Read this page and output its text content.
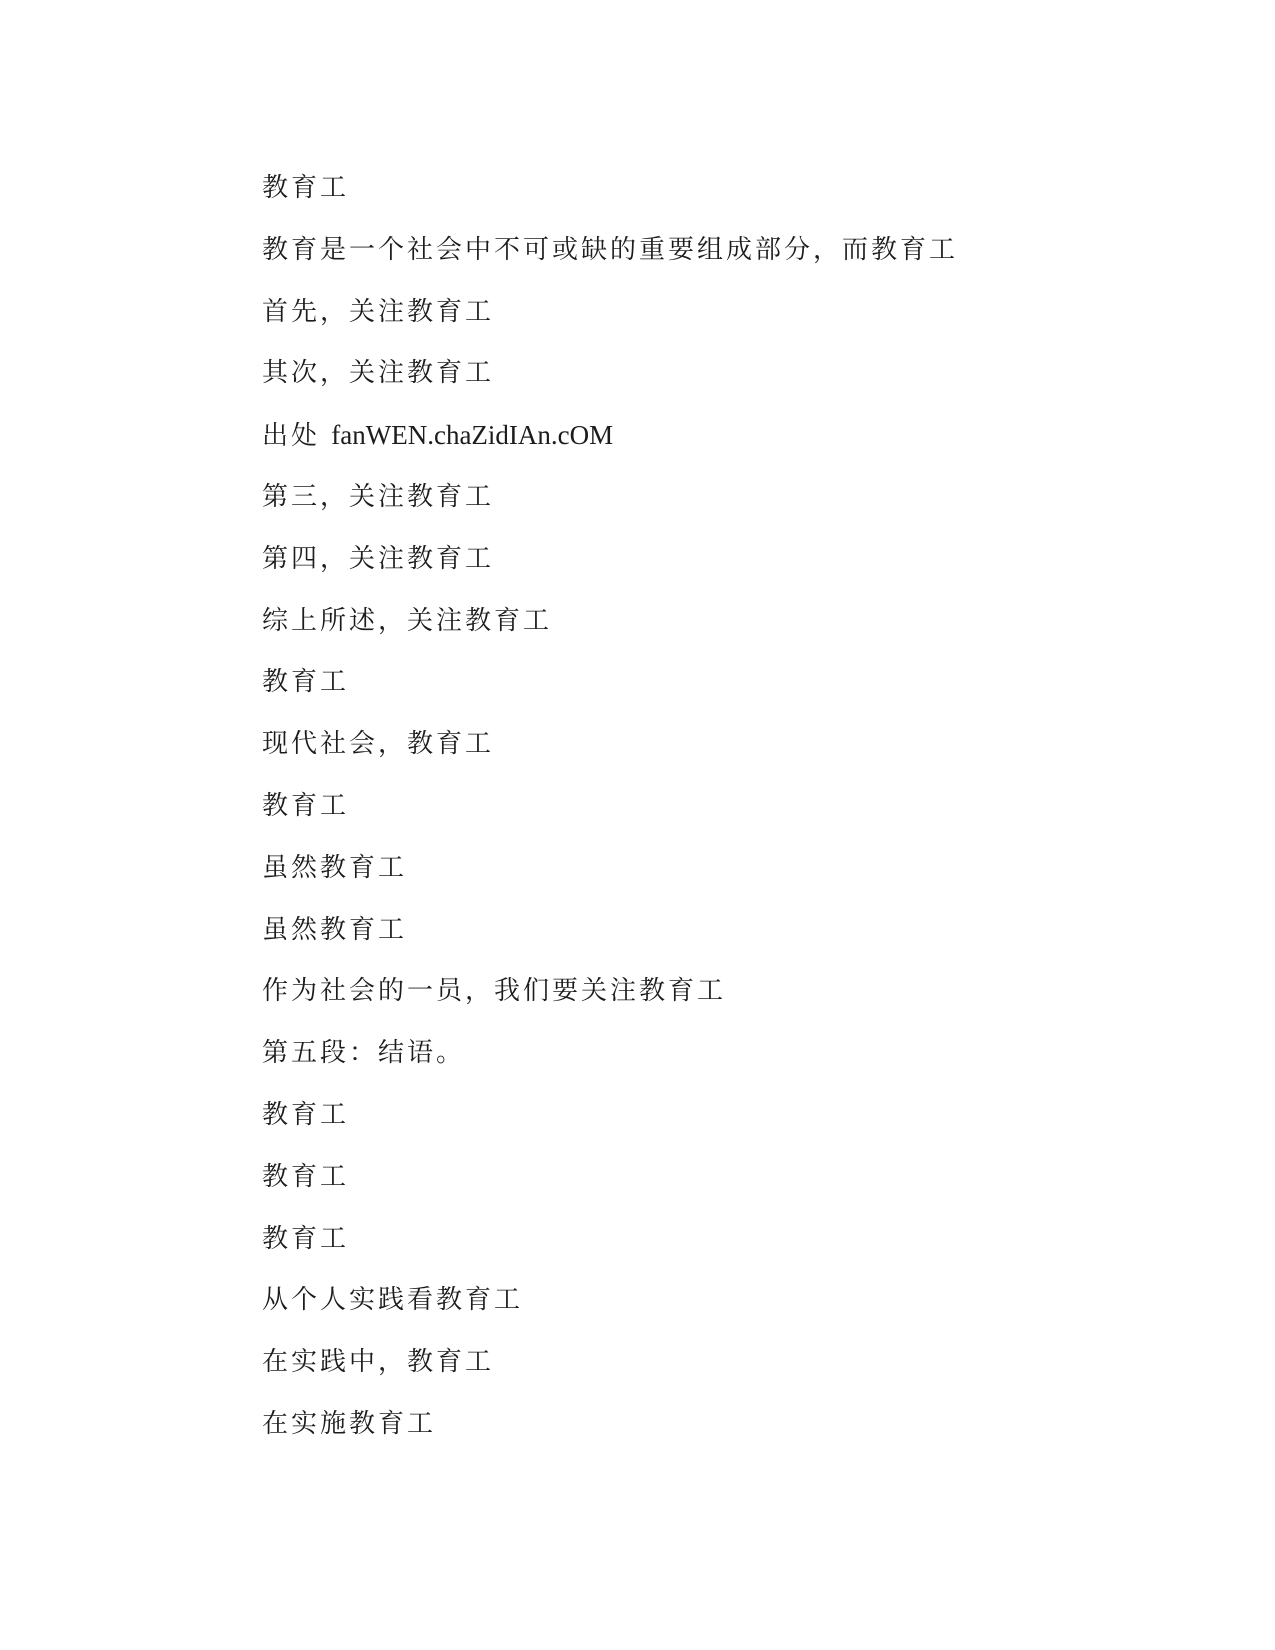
教育工
教育是一个社会中不可或缺的重要组成部分，而教育工
首先，关注教育工
其次，关注教育工
出处 fanWEN.chaZidIAn.cOM
第三，关注教育工
第四，关注教育工
综上所述，关注教育工
教育工
现代社会，教育工
教育工
虽然教育工
虽然教育工
作为社会的一员，我们要关注教育工
第五段：结语。
教育工
教育工
教育工
从个人实践看教育工
在实践中，教育工
在实施教育工
